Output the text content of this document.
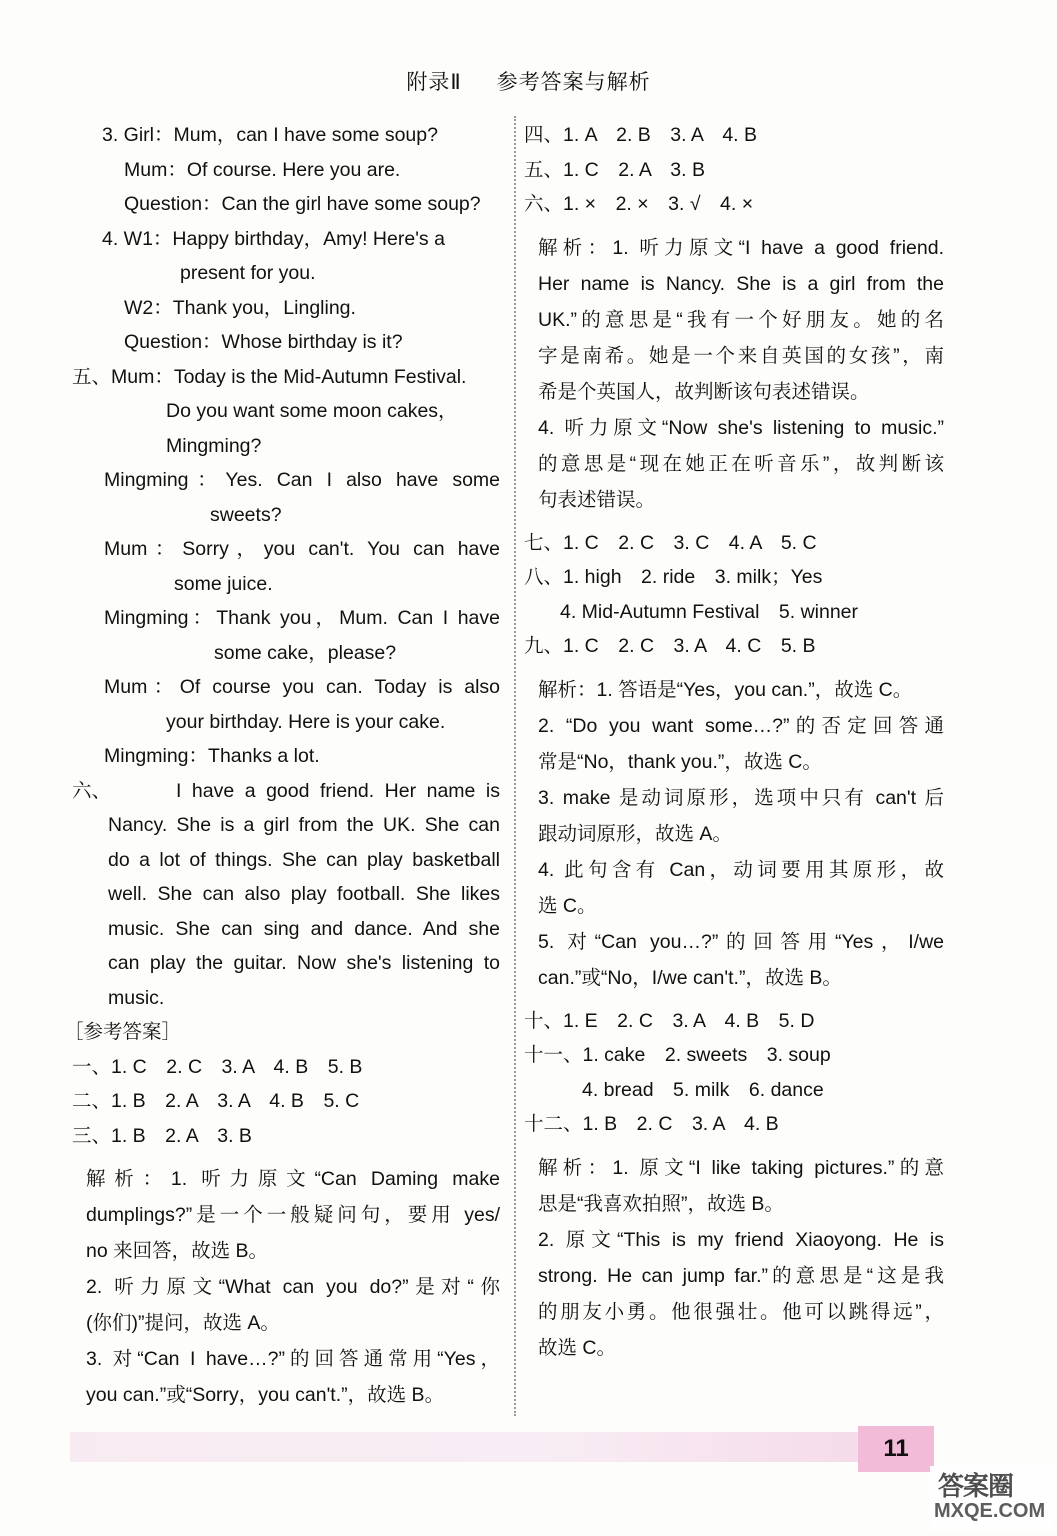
附录Ⅱ 参考答案与解析
3. Girl：Mum，can I have some soup?
Mum：Of course. Here you are.
Question：Can the girl have some soup?
4. W1：Happy birthday，Amy! Here's a
present for you.
W2：Thank you，Lingling.
Question：Whose birthday is it?
五、Mum：Today is the Mid-Autumn Festival.
Do you want some moon cakes，
Mingming?
Mingming：Yes. Can I also have some
sweets?
Mum：Sorry，you can't. You can have
some juice.
Mingming：Thank you，Mum. Can I have
some cake，please?
Mum：Of course you can. Today is also
your birthday. Here is your cake.
Mingming：Thanks a lot.
六、	I have a good friend. Her name is
Nancy. She is a girl from the UK. She can
do a lot of things. She can play basketball
well. She can also play football. She likes
music. She can sing and dance. And she
can play the guitar. Now she's listening to
music.
［参考答案］
一、1. C　2. C　3. A　4. B　5. B
二、1. B　2. A　3. A　4. B　5. C
三、1. B　2. A　3. B
解析：1. 听力原文“Can Daming make
dumplings?”是一个一般疑问句，要用 yes/
no 来回答，故选 B。
2. 听力原文“What can you do?”是对“你
(你们)”提问，故选 A。
3. 对“Can I have…?”的回答通常用“Yes，
you can.”或“Sorry，you can't.”，故选 B。
四、1. A　2. B　3. A　4. B
五、1. C　2. A　3. B
六、1. ×　2. ×　3. √　4. ×
解析：1. 听力原文“I have a good friend.
Her name is Nancy. She is a girl from the
UK.”的意思是“我有一个好朋友。她的名
字是南希。她是一个来自英国的女孩”，南
希是个英国人，故判断该句表述错误。
4. 听力原文“Now she's listening to music.”
的意思是“现在她正在听音乐”，故判断该
句表述错误。
七、1. C　2. C　3. C　4. A　5. C
八、1. high　2. ride　3. milk；Yes
4. Mid-Autumn Festival　5. winner
九、1. C　2. C　3. A　4. C　5. B
解析：1. 答语是“Yes，you can.”，故选 C。
2. “Do you want some…?”的否定回答通
常是“No，thank you.”，故选 C。
3. make 是动词原形，选项中只有 can't 后
跟动词原形，故选 A。
4. 此句含有 Can，动词要用其原形，故
选 C。
5. 对“Can you…?”的回答用“Yes，I/we
can.”或“No，I/we can't.”，故选 B。
十、1. E　2. C　3. A　4. B　5. D
十一、1. cake　2. sweets　3. soup
4. bread　5. milk　6. dance
十二、1. B　2. C　3. A　4. B
解析：1. 原文“I like taking pictures.”的意
思是“我喜欢拍照”，故选 B。
2. 原文“This is my friend Xiaoyong. He is
strong. He can jump far.”的意思是“这是我
的朋友小勇。他很强壮。他可以跳得远”，
故选 C。
11
答案圈
MXQE.COM
